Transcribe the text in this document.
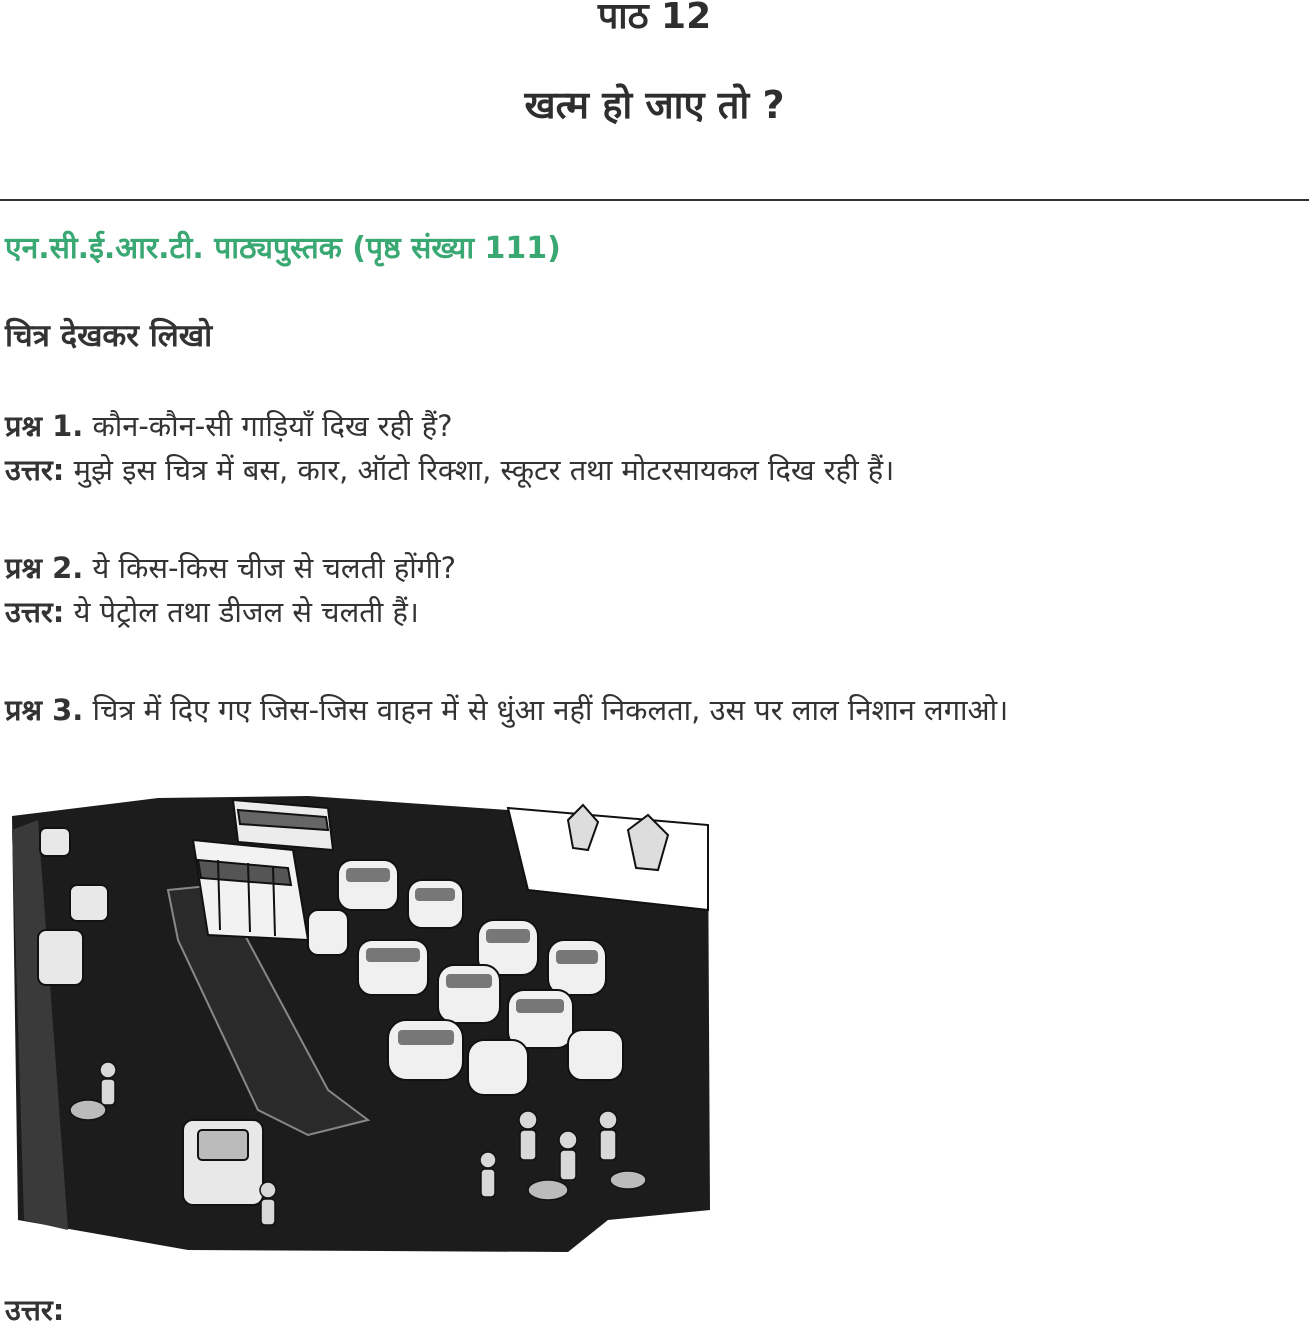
पाठ 12
खत्म हो जाए तो ?

एन.सी.ई.आर.टी. पाठ्यपुस्तक (पृष्ठ संख्या 111)

चित्र देखकर लिखो

प्रश्न 1. कौन-कौन-सी गाड़ियाँ दिख रही हैं?

उत्तर: मुझे इस चित्र में बस, कार, ऑटो रिक्शा, स्कूटर तथा मोटरसायकल दिख रही हैं।

प्रश्न 2. ये किस-किस चीज से चलती होंगी?

उत्तर: ये पेट्रोल तथा डीजल से चलती हैं।

प्रश्न 3. चित्र में दिए गए जिस-जिस वाहन में से धुंआ नहीं निकलता, उस पर लाल निशान लगाओ।

उत्तर:
